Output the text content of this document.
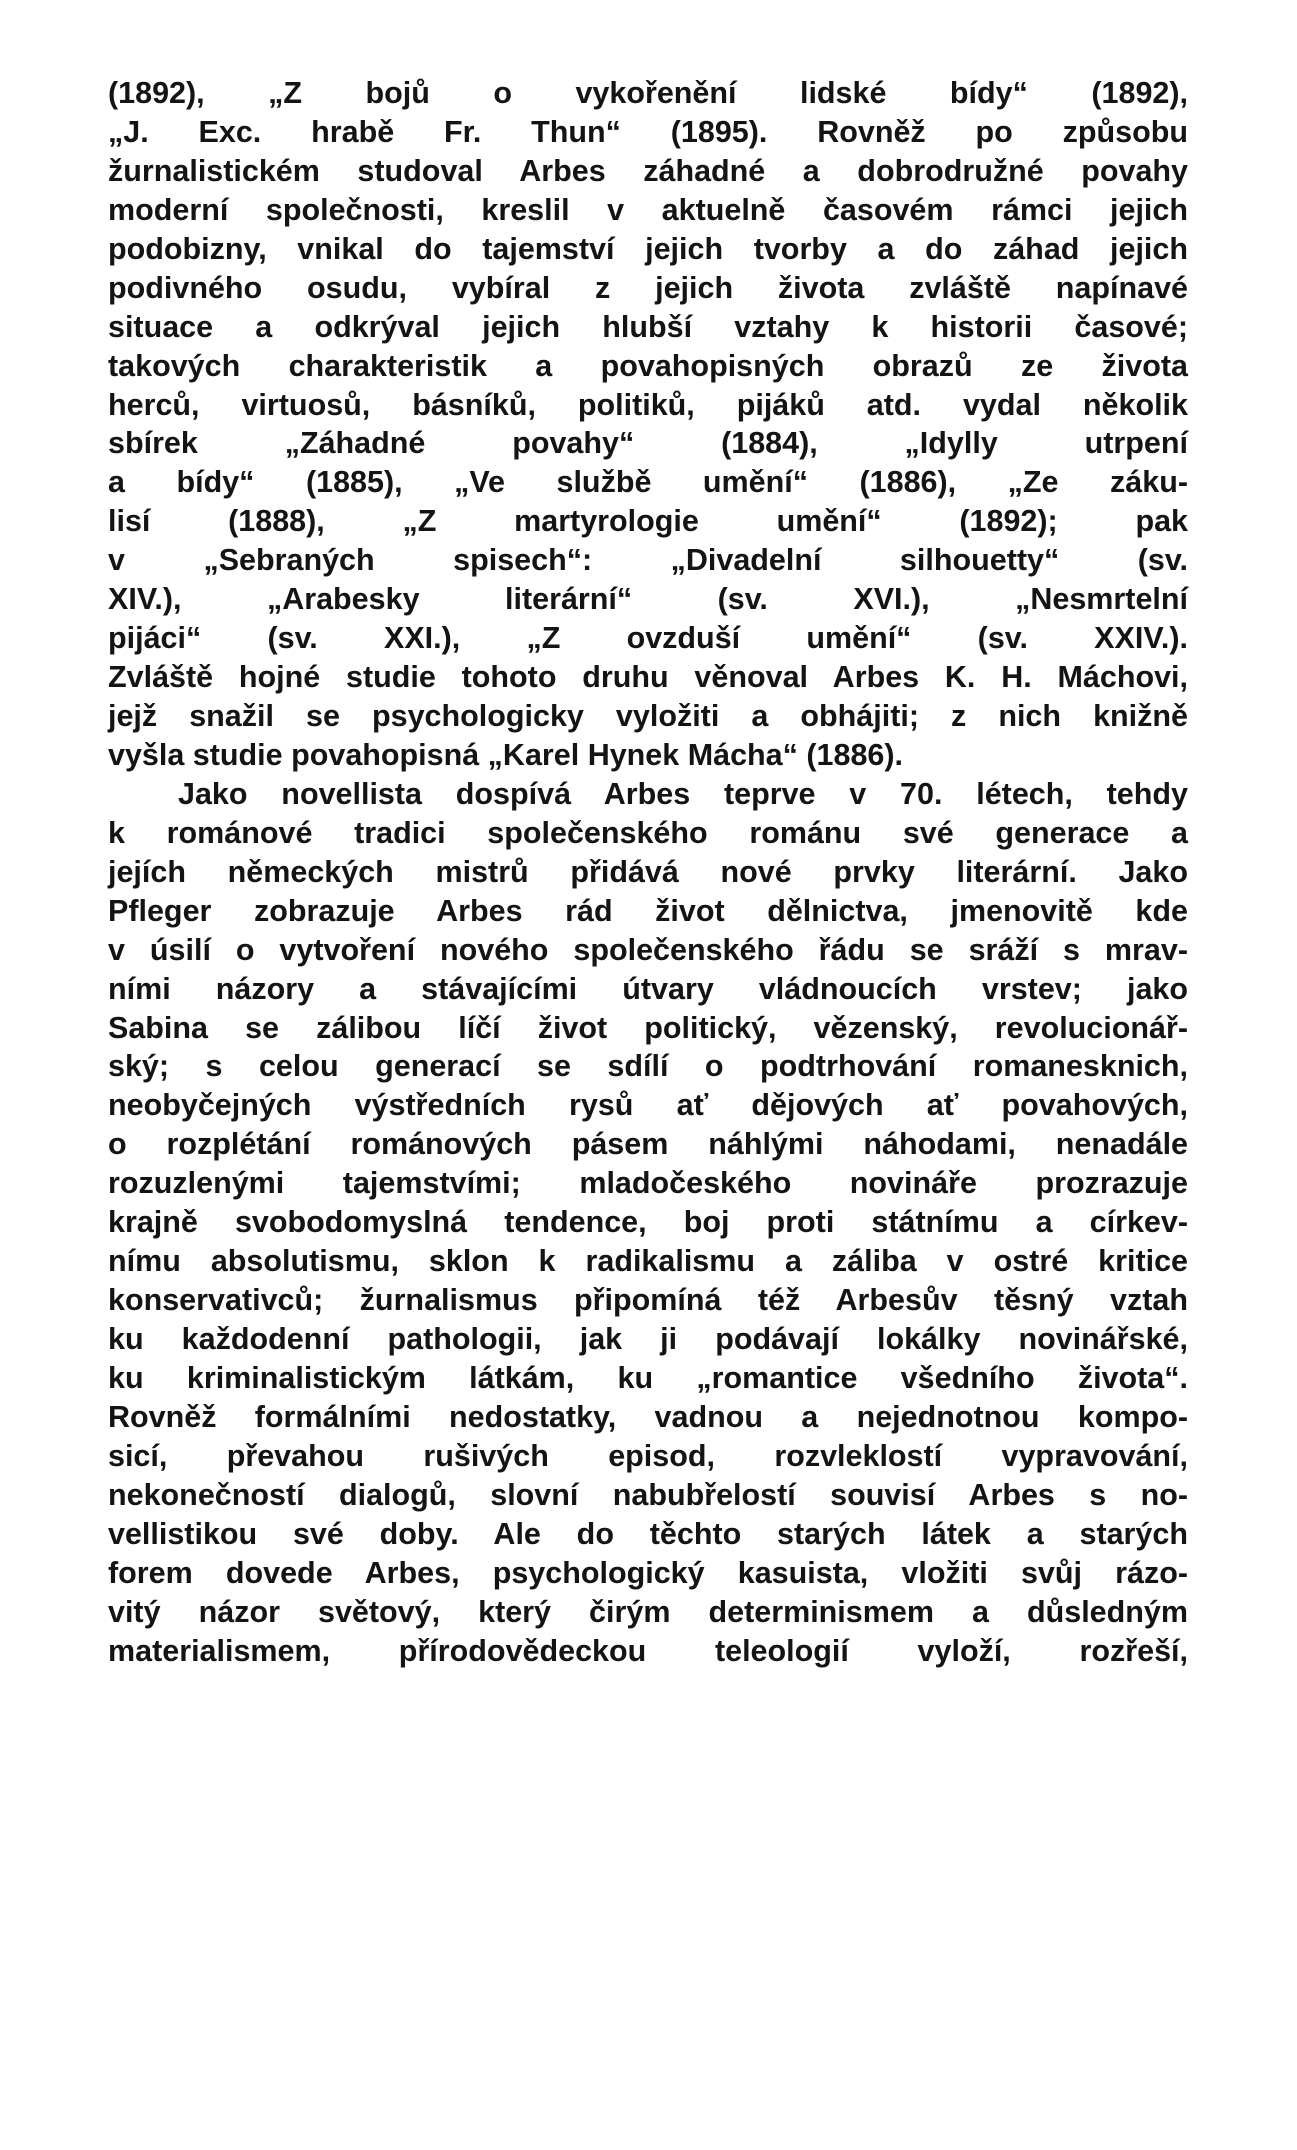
(1892), „Z bojů o vykořenění lidské bídy“ (1892),
„J. Exc. hrabě Fr. Thun“ (1895). Rovněž po způsobu
žurnalistickém studoval Arbes záhadné a dobrodružné povahy
moderní společnosti, kreslil v aktuelně časovém rámci jejich
podobizny, vnikal do tajemství jejich tvorby a do záhad jejich
podivného osudu, vybíral z jejich života zvláště napínavé
situace a odkrýval jejich hlubší vztahy k historii časové;
takových charakteristik a povahopisných obrazů ze života
herců, virtuosů, básníků, politiků, pijáků atd. vydal několik
sbírek „Záhadné povahy“ (1884), „Idylly utrpení
a bídy“ (1885), „Ve službě umění“ (1886), „Ze záku-
lisí (1888), „Z martyrologie umění“ (1892); pak
v „Sebraných spisech“: „Divadelní silhouetty“ (sv.
XIV.), „Arabesky literární“ (sv. XVI.), „Nesmrtelní
pijáci“ (sv. XXI.), „Z ovzduší umění“ (sv. XXIV.).
Zvláště hojné studie tohoto druhu věnoval Arbes K. H. Máchovi,
jejž snažil se psychologicky vyložiti a obhájiti; z nich knižně
vyšla studie povahopisná „Karel Hynek Mácha“ (1886).
Jako novellista dospívá Arbes teprve v 70. létech, tehdy
k románové tradici společenského románu své generace a
jejích německých mistrů přidává nové prvky literární. Jako
Pfleger zobrazuje Arbes rád život dělnictva, jmenovitě kde
v úsilí o vytvoření nového společenského řádu se sráží s mrav-
ními názory a stávajícími útvary vládnoucích vrstev; jako
Sabina se zálibou líčí život politický, vězenský, revolucionář-
ský; s celou generací se sdílí o podtrhování romanesknich,
neobyčejných výstředních rysů ať dějových ať povahových,
o rozplétání románových pásem náhlými náhodami, nenadále
rozuzlenými tajemstvími; mladočeského novináře prozrazuje
krajně svobodomyslná tendence, boj proti státnímu a církev-
nímu absolutismu, sklon k radikalismu a záliba v ostré kritice
konservativců; žurnalismus připomíná též Arbesův těsný vztah
ku každodenní pathologii, jak ji podávají lokálky novinářské,
ku kriminalistickým látkám, ku „romantice všedního života“.
Rovněž formálními nedostatky, vadnou a nejednotnou kompo-
sicí, převahou rušivých episod, rozvleklostí vypravování,
nekonečností dialogů, slovní nabubřelostí souvisí Arbes s no-
vellistikou své doby. Ale do těchto starých látek a starých
forem dovede Arbes, psychologický kasuista, vložiti svůj rázo-
vitý názor světový, který čirým determinismem a důsledným
materialismem, přírodovědeckou teleologií vyloží, rozřeší,
